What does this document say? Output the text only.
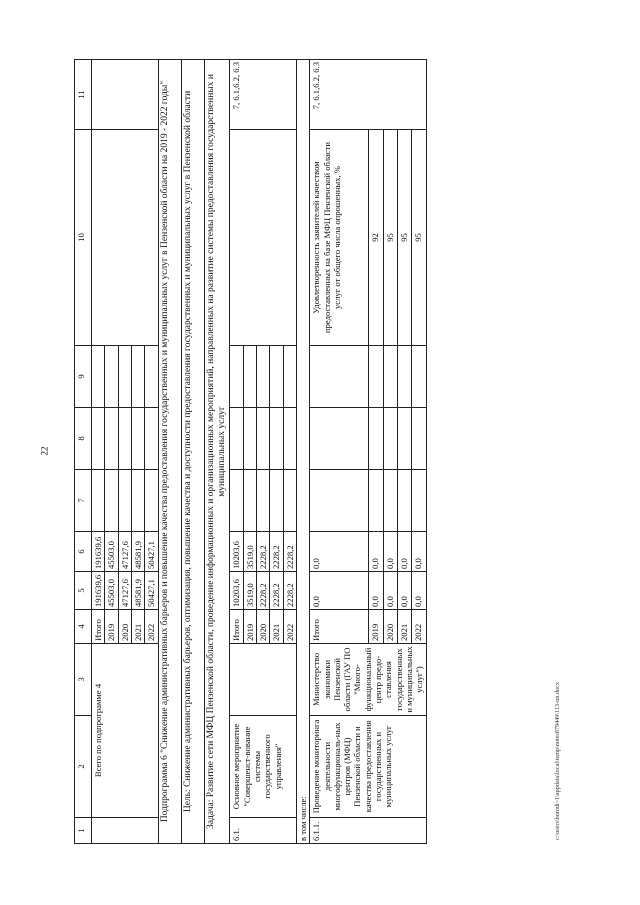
22
1	2	3	4	5	6	7	8	9	10	11
	Всего по подпрограмме 4		Итого	191639,6	191639,6					
			2019	45503,0	45503,0					
			2020	47127,6	47127,6					
			2021	48581,9	48581,9					
			2022	50427,1	50427,1					
Подпрограмма 6 "Снижение административных барьеров и повышение качества предоставления государственных и муниципальных услуг в Пензенской области на 2019 - 2022 годы"										
Цель: Снижение административных барьеров, оптимизация, повышение качества и доступности предоставления государственных и муниципальных услуг в Пензенской области										
Задача: Развитие сети МФЦ Пензенской области, проведение информационных и организационных мероприятий, направленных на развитие системы предоставления государственных и муниципальных услуг										
6.1.	Основное мероприятие "Совершенст-вование системы государственного управления"		Итого	10203,6	10203,6					7, 6.1,6.2, 6.3
			2019	3519,0	3519,0					
			2020	2228,2	2228,2					
			2021	2228,2	2228,2					
			2022	2228,2	2228,2					
в том числе:										
6.1.1.	Проведение мониторинга деятельности многофункциональ-ных центров (МФЦ) Пензенской области и качества предоставления государственных и муниципальных услуг	Министерство экономики Пензенской области (ГАУ ПО "Много-функциональный центр предо-ставления государственных и муниципальных услуг")	Итого	0,0	0,0				Удовлетворенность заявителей качеством предоставленных на базе МФЦ Пензенской области услуг от общего числа опрошенных, %	7, 6.1,6.2, 6.3
			2019	0,0	0,0				92	
			2020	0,0	0,0				95	
			2021	0,0	0,0				95	
			2022	0,0	0,0				95	
c:\users\borodi~1\appdata\local\temp\notes879449\113-nn.docx
